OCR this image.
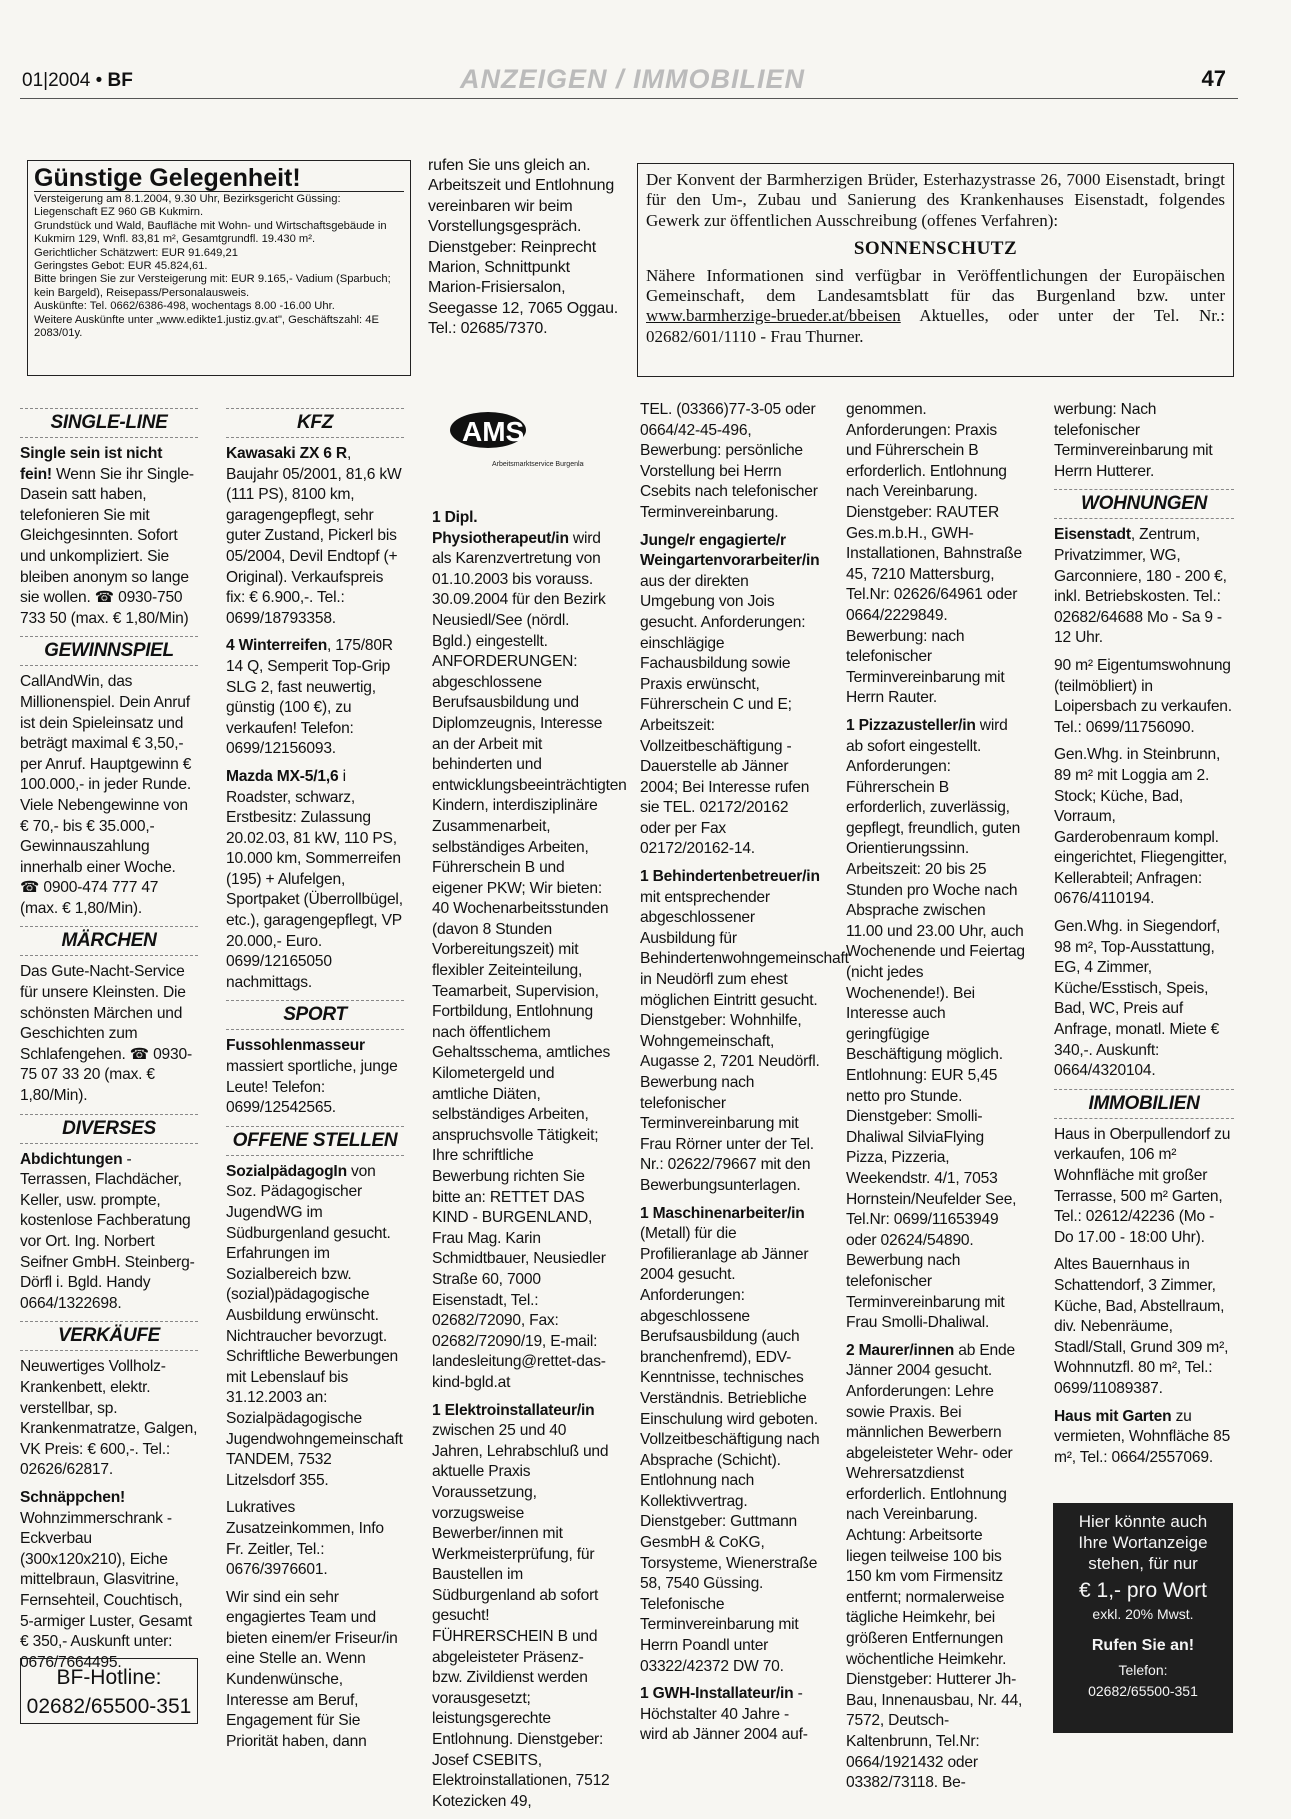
01|2004 • BF	ANZEIGEN / IMMOBILIEN	47
Günstige Gelegenheit!

Versteigerung am 8.1.2004, 9.30 Uhr, Bezirksgericht Güssing: Liegenschaft EZ 960 GB Kukmirn.

Grundstück und Wald, Baufläche mit Wohn- und Wirtschaftsgebäude in Kukmirn 129, Wnfl. 83,81 m², Gesamtgrundfl. 19.430 m².

Gerichtlicher Schätzwert: EUR 91.649,21

Geringstes Gebot: EUR 45.824,61.

Bitte bringen Sie zur Versteigerung mit: EUR 9.165,- Vadium (Sparbuch; kein Bargeld), Reisepass/Personalausweis.

Auskünfte: Tel. 0662/6386-498, wochentags 8.00 -16.00 Uhr.

Weitere Auskünfte unter „www.edikte1.justiz.gv.at", Geschäftszahl: 4E 2083/01y.

rufen Sie uns gleich an. Arbeitszeit und Entlohnung vereinbaren wir beim Vorstellungsgespräch. Dienstgeber: Reinprecht Marion, Schnittpunkt Marion-Frisiersalon, Seegasse 12, 7065 Oggau. Tel.: 02685/7370.

Der Konvent der Barmherzigen Brüder, Esterhazystrasse 26, 7000 Eisenstadt, bringt für den Um-, Zubau und Sanierung des Krankenhauses Eisenstadt, folgendes Gewerk zur öffentlichen Ausschreibung (offenes Verfahren):

SONNENSCHUTZ

Nähere Informationen sind verfügbar in Veröffentlichungen der Europäischen Gemeinschaft, dem Landesamtsblatt für das Burgenland bzw. unter www.barmherzige-brueder.at/bbeisen Aktuelles, oder unter der Tel. Nr.: 02682/601/1110 - Frau Thurner.

SINGLE-LINE

Single sein ist nicht fein! Wenn Sie ihr Single-Dasein satt haben, telefonieren Sie mit Gleichgesinnten. Sofort und unkompliziert. Sie bleiben anonym so lange sie wollen. ☎ 0930-750 733 50 (max. € 1,80/Min)

GEWINNSPIEL

CallAndWin, das Millionenspiel. Dein Anruf ist dein Spieleinsatz und beträgt maximal € 3,50,- per Anruf. Hauptgewinn € 100.000,- in jeder Runde. Viele Nebengewinne von € 70,- bis € 35.000,- Gewinnauszahlung innerhalb einer Woche. ☎ 0900-474 777 47 (max. € 1,80/Min).

MÄRCHEN

Das Gute-Nacht-Service für unsere Kleinsten. Die schönsten Märchen und Geschichten zum Schlafengehen. ☎ 0930-75 07 33 20 (max. € 1,80/Min).

DIVERSES

Abdichtungen - Terrassen, Flachdächer, Keller, usw. prompte, kostenlose Fachberatung vor Ort. Ing. Norbert Seifner GmbH. Steinberg-Dörfl i. Bgld. Handy 0664/1322698.

VERKÄUFE

Neuwertiges Vollholz-Krankenbett, elektr. verstellbar, sp. Krankenmatratze, Galgen, VK Preis: € 600,-. Tel.: 02626/62817.

Schnäppchen! Wohnzimmerschrank - Eckverbau (300x120x210), Eiche mittelbraun, Glasvitrine, Fernsehteil, Couchtisch, 5-armiger Luster, Gesamt € 350,- Auskunft unter: 0676/7664495.

BF-Hotline:
02682/65500-351
KFZ

Kawasaki ZX 6 R, Baujahr 05/2001, 81,6 kW (111 PS), 8100 km, garagengepflegt, sehr guter Zustand, Pickerl bis 05/2004, Devil Endtopf (+ Original). Verkaufspreis fix: € 6.900,-. Tel.: 0699/18793358.

4 Winterreifen, 175/80R 14 Q, Semperit Top-Grip SLG 2, fast neuwertig, günstig (100 €), zu verkaufen! Telefon: 0699/12156093.

Mazda MX-5/1,6 i Roadster, schwarz, Erstbesitz: Zulassung 20.02.03, 81 kW, 110 PS, 10.000 km, Sommerreifen (195) + Alufelgen, Sportpaket (Überrollbügel, etc.), garagengepflegt, VP 20.000,- Euro. 0699/12165050 nachmittags.

SPORT

Fussohlenmasseur massiert sportliche, junge Leute! Telefon: 0699/12542565.

OFFENE STELLEN

SozialpädagogIn von Soz. Pädagogischer JugendWG im Südburgenland gesucht. Erfahrungen im Sozialbereich bzw. (sozial)pädagogische Ausbildung erwünscht. Nichtraucher bevorzugt. Schriftliche Bewerbungen mit Lebenslauf bis 31.12.2003 an: Sozialpädagogische Jugendwohngemeinschaft TANDEM, 7532 Litzelsdorf 355.

Lukratives Zusatzeinkommen, Info Fr. Zeitler, Tel.: 0676/3976601.

Wir sind ein sehr engagiertes Team und bieten einem/er Friseur/in eine Stelle an. Wenn Kundenwünsche, Interesse am Beruf, Engagement für Sie Priorität haben, dann

AMS
Arbeitsmarktservice Burgenland

1 Dipl. Physiotherapeut/in wird als Karenzvertretung von 01.10.2003 bis vorauss. 30.09.2004 für den Bezirk Neusiedl/See (nördl. Bgld.) eingestellt. ANFORDERUNGEN: abgeschlossene Berufsausbildung und Diplomzeugnis, Interesse an der Arbeit mit behinderten und entwicklungsbeeinträchtigten Kindern, interdisziplinäre Zusammenarbeit, selbständiges Arbeiten, Führerschein B und eigener PKW; Wir bieten: 40 Wochenarbeitsstunden (davon 8 Stunden Vorbereitungszeit) mit flexibler Zeiteinteilung, Teamarbeit, Supervision, Fortbildung, Entlohnung nach öffentlichem Gehaltsschema, amtliches Kilometergeld und amtliche Diäten, selbständiges Arbeiten, anspruchsvolle Tätigkeit; Ihre schriftliche Bewerbung richten Sie bitte an: RETTET DAS KIND - BURGENLAND, Frau Mag. Karin Schmidtbauer, Neusiedler Straße 60, 7000 Eisenstadt, Tel.: 02682/72090, Fax: 02682/72090/19, E-mail: landesleitung@rettet-das-kind-bgld.at

1 Elektroinstallateur/in zwischen 25 und 40 Jahren, Lehrabschluß und aktuelle Praxis Voraussetzung, vorzugsweise Bewerber/innen mit Werkmeisterprüfung, für Baustellen im Südburgenland ab sofort gesucht! FÜHRERSCHEIN B und abgeleisteter Präsenz- bzw. Zivildienst werden vorausgesetzt; leistungsgerechte Entlohnung. Dienstgeber: Josef CSEBITS, Elektroinstallationen, 7512 Kotezicken 49,

TEL. (03366)77-3-05 oder 0664/42-45-496, Bewerbung: persönliche Vorstellung bei Herrn Csebits nach telefonischer Terminvereinbarung.

Junge/r engagierte/r Weingartenvorarbeiter/in aus der direkten Umgebung von Jois gesucht. Anforderungen: einschlägige Fachausbildung sowie Praxis erwünscht, Führerschein C und E; Arbeitszeit: Vollzeitbeschäftigung - Dauerstelle ab Jänner 2004; Bei Interesse rufen sie TEL. 02172/20162 oder per Fax 02172/20162-14.

1 Behindertenbetreuer/in mit entsprechender abgeschlossener Ausbildung für Behindertenwohngemeinschaft in Neudörfl zum ehest möglichen Eintritt gesucht. Dienstgeber: Wohnhilfe, Wohngemeinschaft, Augasse 2, 7201 Neudörfl. Bewerbung nach telefonischer Terminvereinbarung mit Frau Rörner unter der Tel. Nr.: 02622/79667 mit den Bewerbungsunterlagen.

1 Maschinenarbeiter/in (Metall) für die Profilieranlage ab Jänner 2004 gesucht. Anforderungen: abgeschlossene Berufsausbildung (auch branchenfremd), EDV-Kenntnisse, technisches Verständnis. Betriebliche Einschulung wird geboten. Vollzeitbeschäftigung nach Absprache (Schicht). Entlohnung nach Kollektivvertrag. Dienstgeber: Guttmann GesmbH & CoKG, Torsysteme, Wienerstraße 58, 7540 Güssing. Telefonische Terminvereinbarung mit Herrn Poandl unter 03322/42372 DW 70.

1 GWH-Installateur/in - Höchstalter 40 Jahre - wird ab Jänner 2004 auf-

genommen. Anforderungen: Praxis und Führerschein B erforderlich. Entlohnung nach Vereinbarung. Dienstgeber: RAUTER Ges.m.b.H., GWH-Installationen, Bahnstraße 45, 7210 Mattersburg, Tel.Nr: 02626/64961 oder 0664/2229849. Bewerbung: nach telefonischer Terminvereinbarung mit Herrn Rauter.

1 Pizzazusteller/in wird ab sofort eingestellt. Anforderungen: Führerschein B erforderlich, zuverlässig, gepflegt, freundlich, guten Orientierungssinn. Arbeitszeit: 20 bis 25 Stunden pro Woche nach Absprache zwischen 11.00 und 23.00 Uhr, auch Wochenende und Feiertag (nicht jedes Wochenende!). Bei Interesse auch geringfügige Beschäftigung möglich. Entlohnung: EUR 5,45 netto pro Stunde. Dienstgeber: Smolli-Dhaliwal SilviaFlying Pizza, Pizzeria, Weekendstr. 4/1, 7053 Hornstein/Neufelder See, Tel.Nr: 0699/11653949 oder 02624/54890. Bewerbung nach telefonischer Terminvereinbarung mit Frau Smolli-Dhaliwal.

2 Maurer/innen ab Ende Jänner 2004 gesucht. Anforderungen: Lehre sowie Praxis. Bei männlichen Bewerbern abgeleisteter Wehr- oder Wehrersatzdienst erforderlich. Entlohnung nach Vereinbarung. Achtung: Arbeitsorte liegen teilweise 100 bis 150 km vom Firmensitz entfernt; normalerweise tägliche Heimkehr, bei größeren Entfernungen wöchentliche Heimkehr. Dienstgeber: Hutterer Jh-Bau, Innenausbau, Nr. 44, 7572, Deutsch-Kaltenbrunn, Tel.Nr: 0664/1921432 oder 03382/73118. Be-

werbung: Nach telefonischer Terminvereinbarung mit Herrn Hutterer.

WOHNUNGEN

Eisenstadt, Zentrum, Privatzimmer, WG, Garconniere, 180 - 200 €, inkl. Betriebskosten. Tel.: 02682/64688 Mo - Sa 9 - 12 Uhr.

90 m² Eigentumswohnung (teilmöbliert) in Loipersbach zu verkaufen. Tel.: 0699/11756090.

Gen.Whg. in Steinbrunn, 89 m² mit Loggia am 2. Stock; Küche, Bad, Vorraum, Garderobenraum kompl. eingerichtet, Fliegengitter, Kellerabteil; Anfragen: 0676/4110194.

Gen.Whg. in Siegendorf, 98 m², Top-Ausstattung, EG, 4 Zimmer, Küche/Esstisch, Speis, Bad, WC, Preis auf Anfrage, monatl. Miete € 340,-. Auskunft: 0664/4320104.

IMMOBILIEN

Haus in Oberpullendorf zu verkaufen, 106 m² Wohnfläche mit großer Terrasse, 500 m² Garten, Tel.: 02612/42236 (Mo - Do 17.00 - 18:00 Uhr).

Altes Bauernhaus in Schattendorf, 3 Zimmer, Küche, Bad, Abstellraum, div. Nebenräume, Stadl/Stall, Grund 309 m², Wohnnutzfl. 80 m², Tel.: 0699/11089387.

Haus mit Garten zu vermieten, Wohnfläche 85 m², Tel.: 0664/2557069.

Hier könnte auch
Ihre Wortanzeige
stehen, für nur
€ 1,- pro Wort
exkl. 20% Mwst.
Rufen Sie an!
Telefon:
02682/65500-351
